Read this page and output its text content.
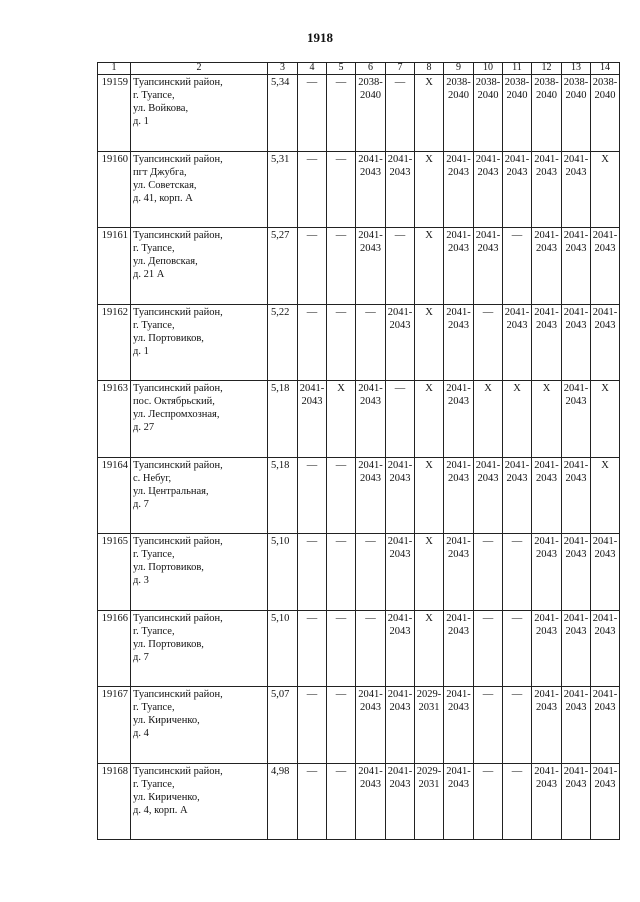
1918
1	2	3	4	5	6	7	8	9	10	11	12	13	14
19159	Туапсинский район,
г. Туапсе,
ул. Войкова,
д. 1	5,34	—	—	2038-
2040	—	X	2038-
2040	2038-
2040	2038-
2040	2038-
2040	2038-
2040	2038-
2040
19160	Туапсинский район,
пгт Джубга,
ул. Советская,
д. 41, корп. А	5,31	—	—	2041-
2043	2041-
2043	X	2041-
2043	2041-
2043	2041-
2043	2041-
2043	2041-
2043	X
19161	Туапсинский район,
г. Туапсе,
ул. Деповская,
д. 21 А	5,27	—	—	2041-
2043	—	X	2041-
2043	2041-
2043	—	2041-
2043	2041-
2043	2041-
2043
19162	Туапсинский район,
г. Туапсе,
ул. Портовиков,
д. 1	5,22	—	—	—	2041-
2043	X	2041-
2043	—	2041-
2043	2041-
2043	2041-
2043	2041-
2043
19163	Туапсинский район,
пос. Октябрьский,
ул. Леспромхозная,
д. 27	5,18	2041-
2043	X	2041-
2043	—	X	2041-
2043	X	X	X	2041-
2043	X
19164	Туапсинский район,
с. Небуг,
ул. Центральная,
д. 7	5,18	—	—	2041-
2043	2041-
2043	X	2041-
2043	2041-
2043	2041-
2043	2041-
2043	2041-
2043	X
19165	Туапсинский район,
г. Туапсе,
ул. Портовиков,
д. 3	5,10	—	—	—	2041-
2043	X	2041-
2043	—	—	2041-
2043	2041-
2043	2041-
2043
19166	Туапсинский район,
г. Туапсе,
ул. Портовиков,
д. 7	5,10	—	—	—	2041-
2043	X	2041-
2043	—	—	2041-
2043	2041-
2043	2041-
2043
19167	Туапсинский район,
г. Туапсе,
ул. Кириченко,
д. 4	5,07	—	—	2041-
2043	2041-
2043	2029-
2031	2041-
2043	—	—	2041-
2043	2041-
2043	2041-
2043
19168	Туапсинский район,
г. Туапсе,
ул. Кириченко,
д. 4, корп. А	4,98	—	—	2041-
2043	2041-
2043	2029-
2031	2041-
2043	—	—	2041-
2043	2041-
2043	2041-
2043
